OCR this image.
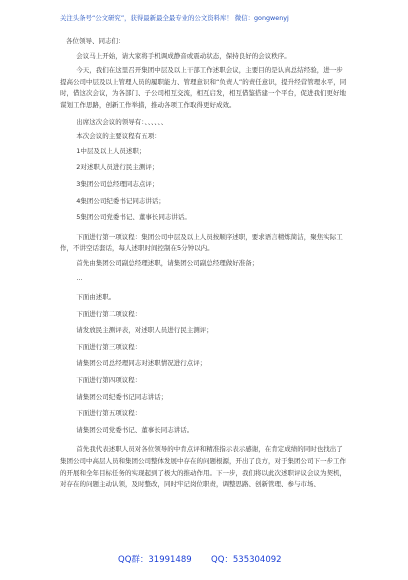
关注头条号“公文研究”，获得最新最全最专业的公文资料库！ 微信：gongwenyj

各位领导、同志们：

会议马上开始，请大家将手机调成静音或震动状态，保持良好的会议秩序。

今天，我们在这里召开集团中层及以上干部工作述职会议，主要目的是认真总结经验，进一步提高公司中层及以上管理人员的履职能力、管理意识和“负责人”的责任意识，提升经营管理水平，同时，借这次会议，为各部门、子公司相互交流，相互启发，相互借鉴搭建一个平台，促进我们更好地谋划工作思路，创新工作举措，推动各项工作取得更好成效。

出席这次会议的领导有：、、、、、、

本次会议的主要议程有五项：

1中层及以上人员述职；

2对述职人员进行民主测评；

3集团公司总经理同志点评；

4集团公司纪委书记同志讲话；

5集团公司党委书记、董事长同志讲话。

下面进行第一项议程：集团公司中层及以上人员按顺序述职，要求语言精炼简洁，聚焦实际工作，不讲空话套话，每人述职时间控制在5分钟以内。

首先由集团公司副总经理述职，请集团公司副总经理做好准备；

…

下面由述职。

下面进行第二项议程：

请发放民主测评表，对述职人员进行民主测评；

下面进行第三项议程：

请集团公司总经理同志对述职情况进行点评；

下面进行第四项议程：

请集团公司纪委书记同志讲话；

下面进行第五项议程：

请集团公司党委书记、董事长同志讲话。

首先我代表述职人员对各位领导的中肯点评和精准指示表示感谢，在肯定成绩的同时也找出了集团公司中高层人员和集团公司整体发展中存在的问题根源，开出了良方，对于集团公司下一步工作的开展和全年目标任务的实现起到了极大的推动作用。下一步，我们将以此次述职评议会议为契机，对存在的问题主动认领，及时整改，同时牢记岗位职责，调整思路、创新管理、参与市场、

QQ群：31991489 QQ：535304092
